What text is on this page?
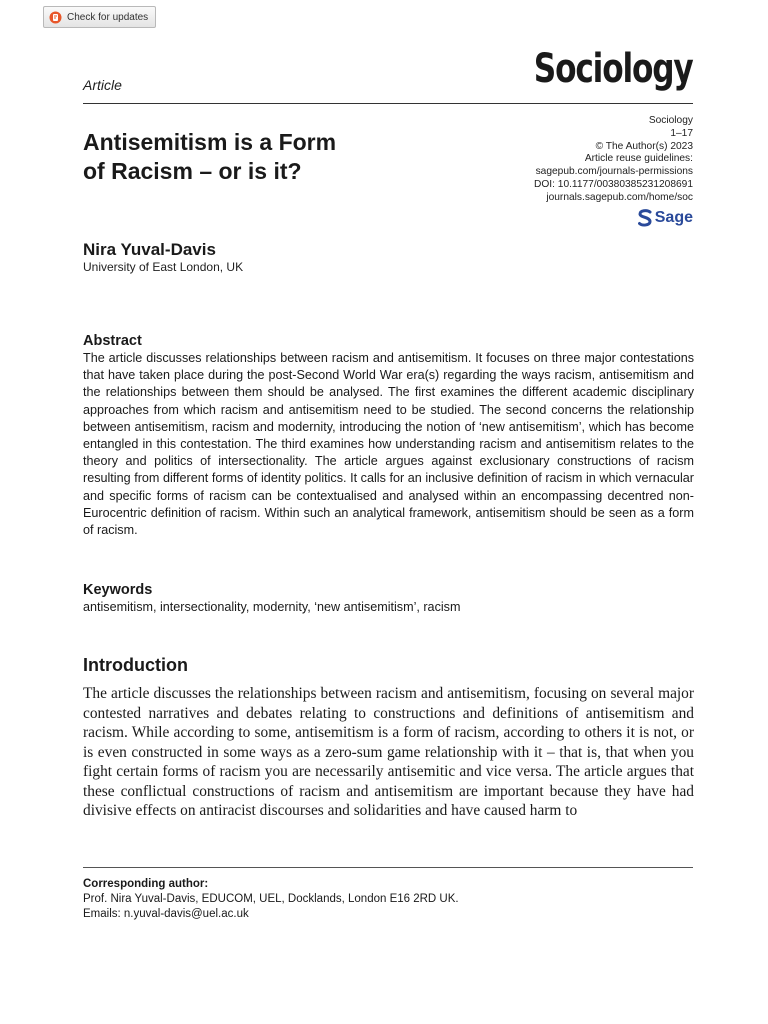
Check for updates
Article	Sociology
Antisemitism is a Form
of Racism – or is it?
Sociology
1–17
© The Author(s) 2023
Article reuse guidelines:
sagepub.com/journals-permissions
DOI: 10.1177/00380385231208691
journals.sagepub.com/home/soc
Sage
Nira Yuval-Davis
University of East London, UK
Abstract

The article discusses relationships between racism and antisemitism. It focuses on three major contestations that have taken place during the post-Second World War era(s) regarding the ways racism, antisemitism and the relationships between them should be analysed. The first examines the different academic disciplinary approaches from which racism and antisemitism need to be studied. The second concerns the relationship between antisemitism, racism and modernity, introducing the notion of ‘new antisemitism’, which has become entangled in this contestation. The third examines how understanding racism and antisemitism relates to the theory and politics of intersectionality. The article argues against exclusionary constructions of racism resulting from different forms of identity politics. It calls for an inclusive definition of racism in which vernacular and specific forms of racism can be contextualised and analysed within an encompassing decentred non-Eurocentric definition of racism. Within such an analytical framework, antisemitism should be seen as a form of racism.

Keywords

antisemitism, intersectionality, modernity, ‘new antisemitism’, racism

Introduction

The article discusses the relationships between racism and antisemitism, focusing on several major contested narratives and debates relating to constructions and definitions of antisemitism and racism. While according to some, antisemitism is a form of racism, according to others it is not, or is even constructed in some ways as a zero-sum game relationship with it – that is, that when you fight certain forms of racism you are necessarily antisemitic and vice versa. The article argues that these conflictual constructions of racism and antisemitism are important because they have had divisive effects on antiracist discourses and solidarities and have caused harm to

Corresponding author:
Prof. Nira Yuval-Davis, EDUCOM, UEL, Docklands, London E16 2RD UK.
Emails: n.yuval-davis@uel.ac.uk
